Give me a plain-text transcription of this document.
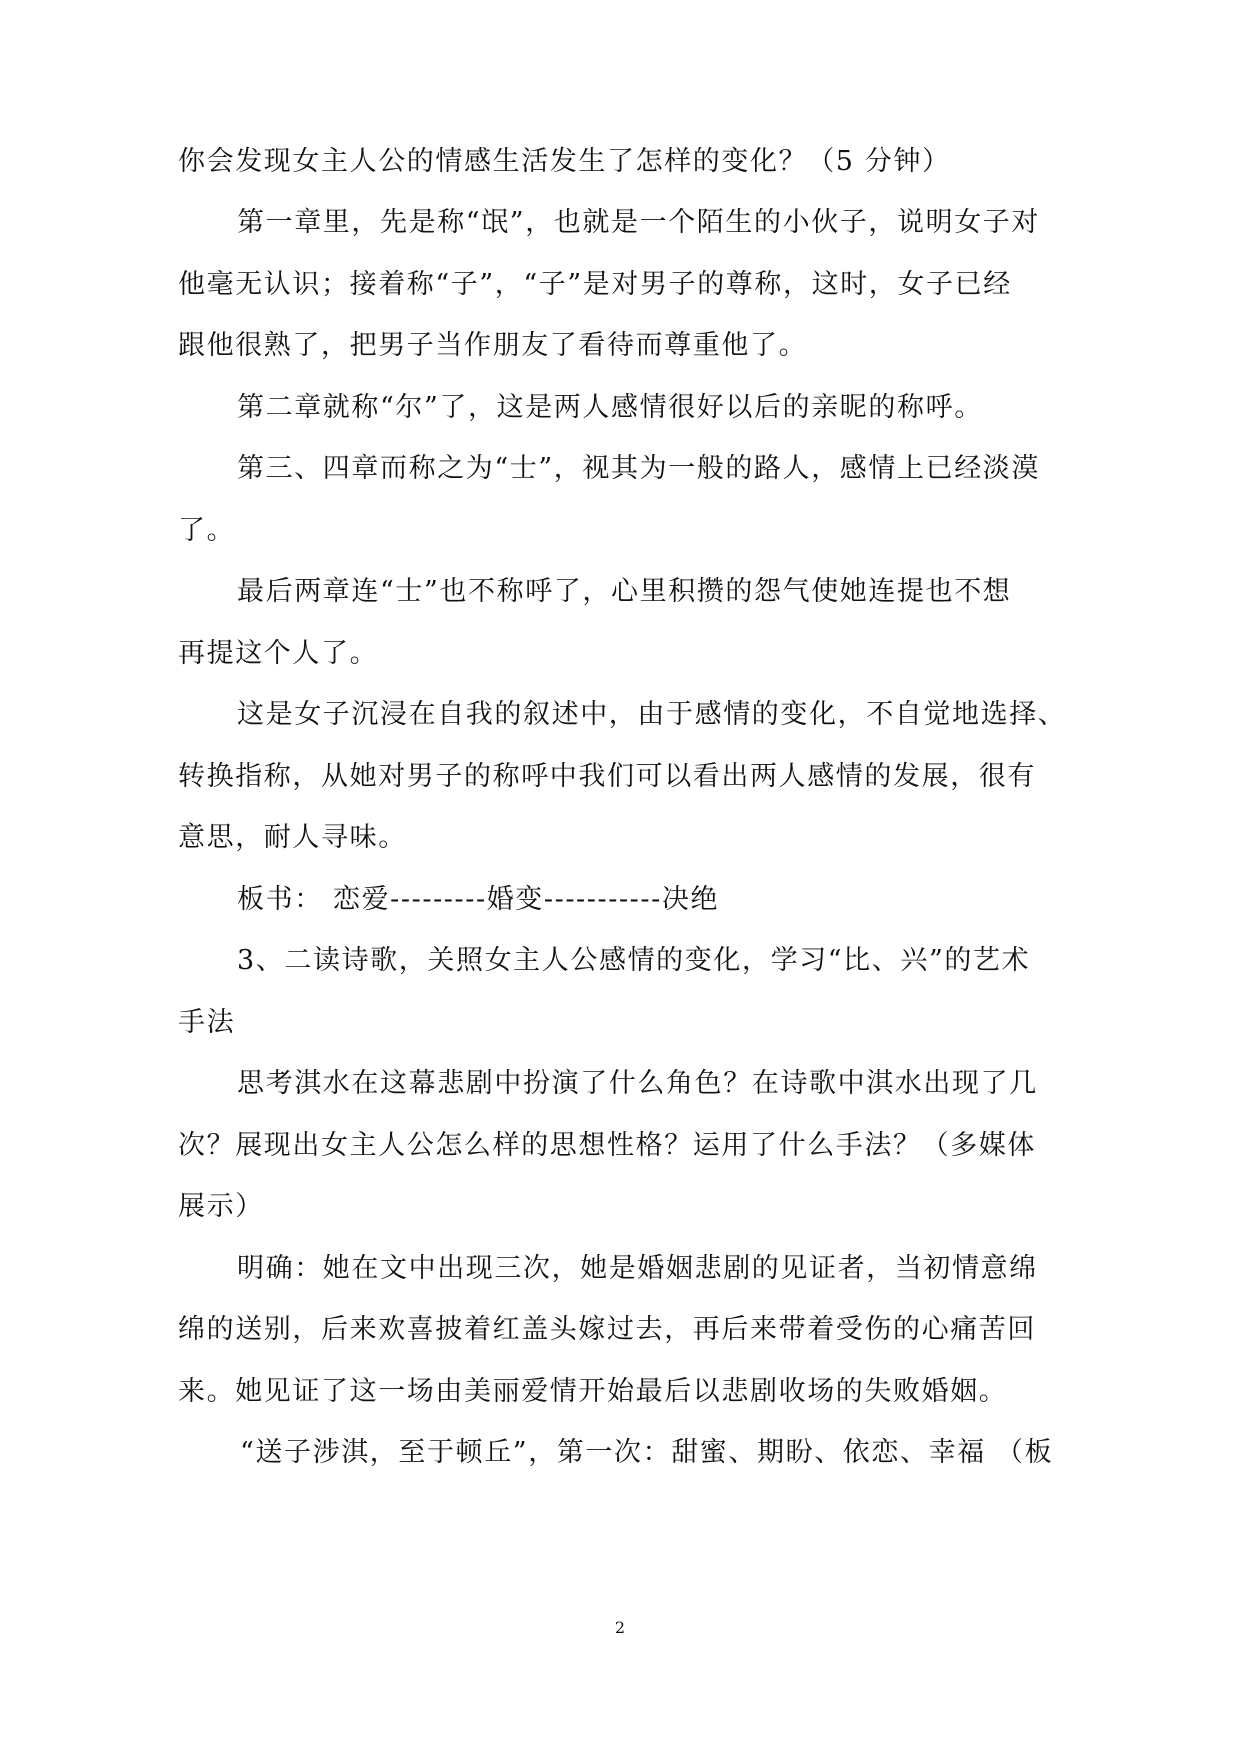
你会发现女主人公的情感生活发生了怎样的变化？（5 分钟）
第一章里，先是称“氓”，也就是一个陌生的小伙子，说明女子对
他毫无认识；接着称“子”，“子”是对男子的尊称，这时，女子已经
跟他很熟了，把男子当作朋友了看待而尊重他了。
第二章就称“尔”了，这是两人感情很好以后的亲昵的称呼。
第三、四章而称之为“士”，视其为一般的路人，感情上已经淡漠
了。
最后两章连“士”也不称呼了，心里积攒的怨气使她连提也不想
再提这个人了。
这是女子沉浸在自我的叙述中，由于感情的变化，不自觉地选择、
转换指称，从她对男子的称呼中我们可以看出两人感情的发展，很有
意思，耐人寻味。
板书： 恋爱---------婚变-----------决绝
3、二读诗歌，关照女主人公感情的变化，学习“比、兴”的艺术
手法
思考淇水在这幕悲剧中扮演了什么角色？在诗歌中淇水出现了几
次？展现出女主人公怎么样的思想性格？运用了什么手法？（多媒体
展示）
明确：她在文中出现三次，她是婚姻悲剧的见证者，当初情意绵
绵的送别，后来欢喜披着红盖头嫁过去，再后来带着受伤的心痛苦回
来。她见证了这一场由美丽爱情开始最后以悲剧收场的失败婚姻。
“送子涉淇，至于顿丘”，第一次：甜蜜、期盼、依恋、幸福 （板
2
